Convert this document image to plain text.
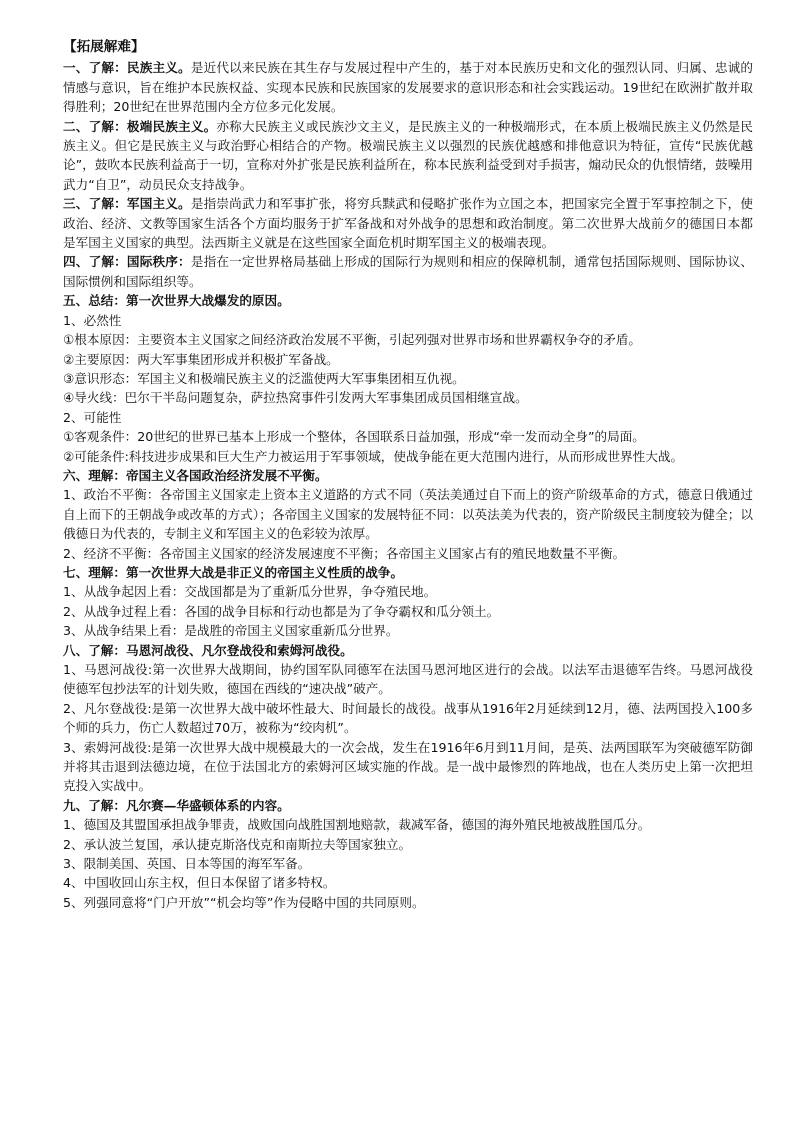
【拓展解难】

一、了解：民族主义。是近代以来民族在其生存与发展过程中产生的，基于对本民族历史和文化的强烈认同、归属、忠诚的情感与意识，旨在维护本民族权益、实现本民族和民族国家的发展要求的意识形态和社会实践运动。19世纪在欧洲扩散并取得胜利；20世纪在世界范围内全方位多元化发展。

二、了解：极端民族主义。亦称大民族主义或民族沙文主义，是民族主义的一种极端形式，在本质上极端民族主义仍然是民族主义。但它是民族主义与政治野心相结合的产物。极端民族主义以强烈的民族优越感和排他意识为特征，宣传“民族优越论”，鼓吹本民族利益高于一切，宣称对外扩张是民族利益所在，称本民族利益受到对手损害，煽动民众的仇恨情绪，鼓噪用武力“自卫”，动员民众支持战争。

三、了解：军国主义。是指崇尚武力和军事扩张，将穷兵黩武和侵略扩张作为立国之本，把国家完全置于军事控制之下，使政治、经济、文教等国家生活各个方面均服务于扩军备战和对外战争的思想和政治制度。第二次世界大战前夕的德国日本都是军国主义国家的典型。法西斯主义就是在这些国家全面危机时期军国主义的极端表现。

四、了解：国际秩序：是指在一定世界格局基础上形成的国际行为规则和相应的保障机制，通常包括国际规则、国际协议、国际惯例和国际组织等。

五、总结：第一次世界大战爆发的原因。

1、必然性

①根本原因：主要资本主义国家之间经济政治发展不平衡，引起列强对世界市场和世界霸权争夺的矛盾。

②主要原因：两大军事集团形成并积极扩军备战。

③意识形态：军国主义和极端民族主义的泛滥使两大军事集团相互仇视。

④导火线：巴尔干半岛问题复杂，萨拉热窝事件引发两大军事集团成员国相继宣战。

2、可能性

①客观条件：20世纪的世界已基本上形成一个整体，各国联系日益加强，形成“牵一发而动全身”的局面。

②可能条件:科技进步成果和巨大生产力被运用于军事领域，使战争能在更大范围内进行，从而形成世界性大战。

六、理解：帝国主义各国政治经济发展不平衡。

1、政治不平衡：各帝国主义国家走上资本主义道路的方式不同（英法美通过自下而上的资产阶级革命的方式，德意日俄通过自上而下的王朝战争或改革的方式）；各帝国主义国家的发展特征不同：以英法美为代表的，资产阶级民主制度较为健全；以俄德日为代表的，专制主义和军国主义的色彩较为浓厚。

2、经济不平衡：各帝国主义国家的经济发展速度不平衡；各帝国主义国家占有的殖民地数量不平衡。

七、理解：第一次世界大战是非正义的帝国主义性质的战争。

1、从战争起因上看：交战国都是为了重新瓜分世界，争夺殖民地。

2、从战争过程上看：各国的战争目标和行动也都是为了争夺霸权和瓜分领土。

3、从战争结果上看：是战胜的帝国主义国家重新瓜分世界。

八、了解：马恩河战役、凡尔登战役和索姆河战役。

1、马恩河战役:第一次世界大战期间，协约国军队同德军在法国马恩河地区进行的会战。以法军击退德军告终。马恩河战役使德军包抄法军的计划失败，德国在西线的“速决战”破产。

2、凡尔登战役:是第一次世界大战中破坏性最大、时间最长的战役。战事从1916年2月延续到12月，德、法两国投入100多个师的兵力，伤亡人数超过70万，被称为“绞肉机”。

3、索姆河战役:是第一次世界大战中规模最大的一次会战，发生在1916年6月到11月间，是英、法两国联军为突破德军防御并将其击退到法德边境，在位于法国北方的索姆河区域实施的作战。是一战中最惨烈的阵地战，也在人类历史上第一次把坦克投入实战中。

九、了解：凡尔赛—华盛顿体系的内容。

1、德国及其盟国承担战争罪责，战败国向战胜国割地赔款，裁减军备，德国的海外殖民地被战胜国瓜分。

2、承认波兰复国，承认捷克斯洛伐克和南斯拉夫等国家独立。

3、限制美国、英国、日本等国的海军军备。

4、中国收回山东主权，但日本保留了诸多特权。

5、列强同意将“门户开放”“机会均等”作为侵略中国的共同原则。
